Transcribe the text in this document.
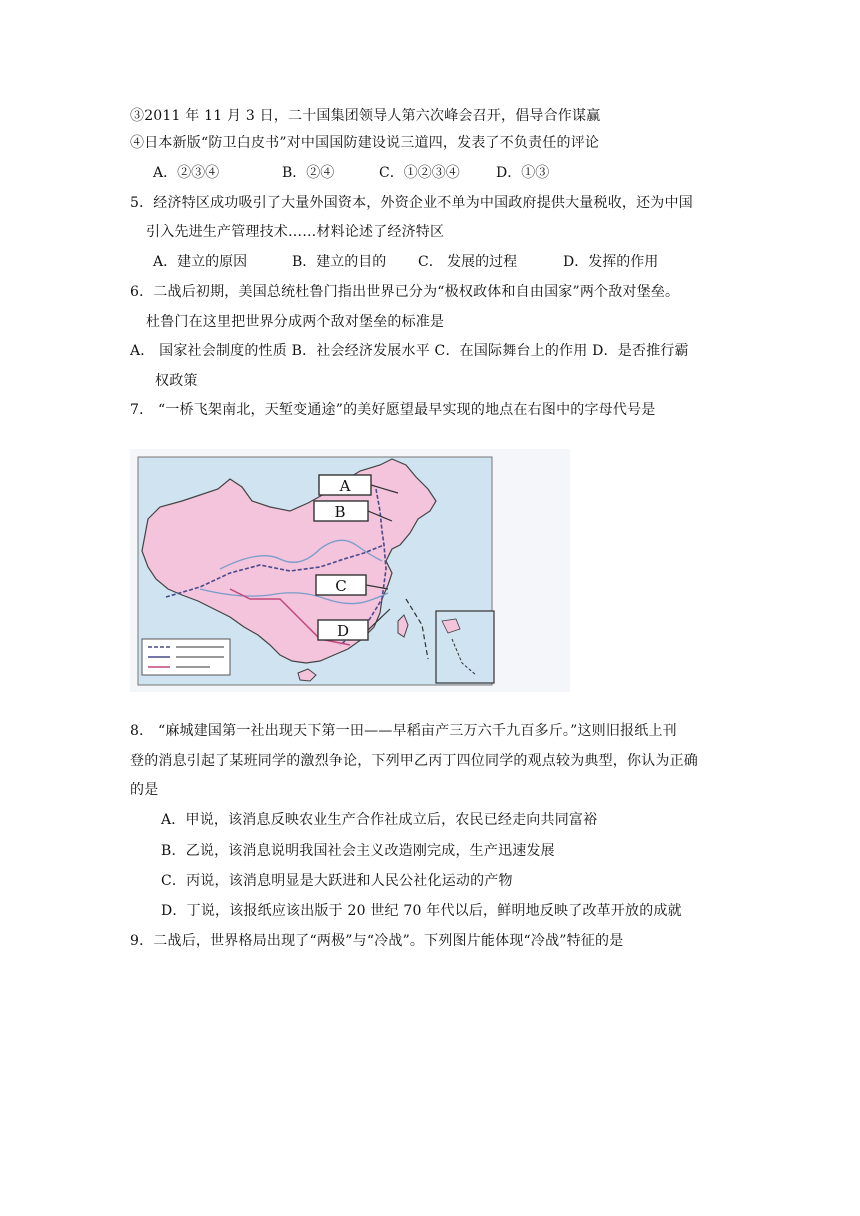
③2011 年 11 月 3 日，二十国集团领导人第六次峰会召开，倡导合作谋赢
④日本新版“防卫白皮书”对中国国防建设说三道四，发表了不负责任的评论
A．②③④	B．②④	C．①②③④	D．①③
5．经济特区成功吸引了大量外国资本，外资企业不单为中国政府提供大量税收，还为中国
引入先进生产管理技术……材料论述了经济特区
A．建立的原因	B．建立的目的 C． 发展的过程	D．发挥的作用
6．二战后初期，美国总统杜鲁门指出世界已分为“极权政体和自由国家”两个敌对堡垒。
杜鲁门在这里把世界分成两个敌对堡垒的标准是
A． 国家社会制度的性质 B．社会经济发展水平 C．在国际舞台上的作用 D．是否推行霸
权政策
7． “一桥飞架南北，天堑变通途”的美好愿望最早实现的地点在右图中的字母代号是
A
B
C
D
8． “麻城建国第一社出现天下第一田——早稻亩产三万六千九百多斤。”这则旧报纸上刊
登的消息引起了某班同学的激烈争论，下列甲乙丙丁四位同学的观点较为典型，你认为正确
的是
A．甲说，该消息反映农业生产合作社成立后，农民已经走向共同富裕
B．乙说，该消息说明我国社会主义改造刚完成，生产迅速发展
C．丙说，该消息明显是大跃进和人民公社化运动的产物
D．丁说，该报纸应该出版于 20 世纪 70 年代以后，鲜明地反映了改革开放的成就
9．二战后，世界格局出现了“两极”与“冷战”。下列图片能体现“冷战”特征的是
